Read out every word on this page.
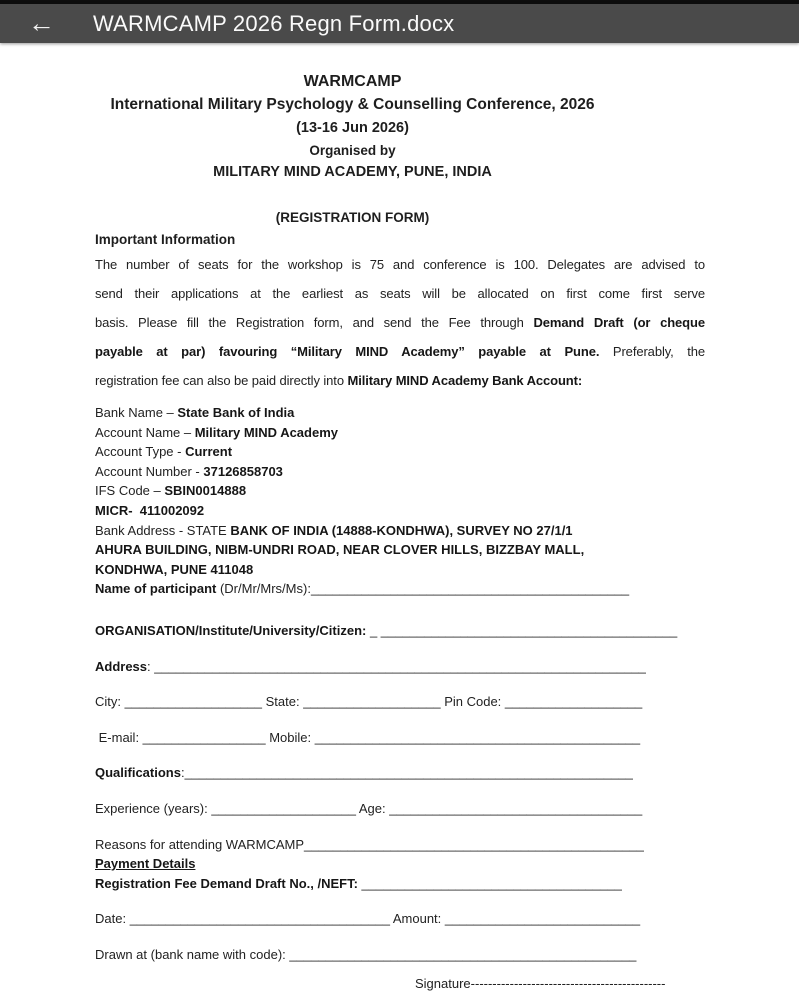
← WARMCAMP 2026 Regn Form.docx
WARMCAMP
International Military Psychology & Counselling Conference, 2026
(13-16 Jun 2026)
Organised by
MILITARY MIND ACADEMY, PUNE, INDIA
(REGISTRATION FORM)
Important Information
The number of seats for the workshop is 75 and conference is 100. Delegates are advised to
send their applications at the earliest as seats will be allocated on first come first serve
basis. Please fill the Registration form, and send the Fee through Demand Draft (or cheque
payable at par) favouring “Military MIND Academy” payable at Pune. Preferably, the
registration fee can also be paid directly into Military MIND Academy Bank Account:
Bank Name – State Bank of India
Account Name – Military MIND Academy
Account Type - Current
Account Number - 37126858703
IFS Code – SBIN0014888
MICR-  411002092
Bank Address - STATE BANK OF INDIA (14888-KONDHWA), SURVEY NO 27/1/1
AHURA BUILDING, NIBM-UNDRI ROAD, NEAR CLOVER HILLS, BIZZBAY MALL,
KONDHWA, PUNE 411048
Name of participant (Dr/Mr/Mrs/Ms):____________________________________________
ORGANISATION/Institute/University/Citizen: _ _________________________________________
Address: ____________________________________________________________________
City: ___________________ State: ___________________ Pin Code: ___________________
E-mail: _________________ Mobile: _____________________________________________
Qualifications:______________________________________________________________
Experience (years): ____________________ Age: ___________________________________
Reasons for attending WARMCAMP_______________________________________________
Payment Details
Registration Fee Demand Draft No., /NEFT: ____________________________________
Date: ____________________________________ Amount: ___________________________
Drawn at (bank name with code): ________________________________________________
Signature---------------------------------------------
